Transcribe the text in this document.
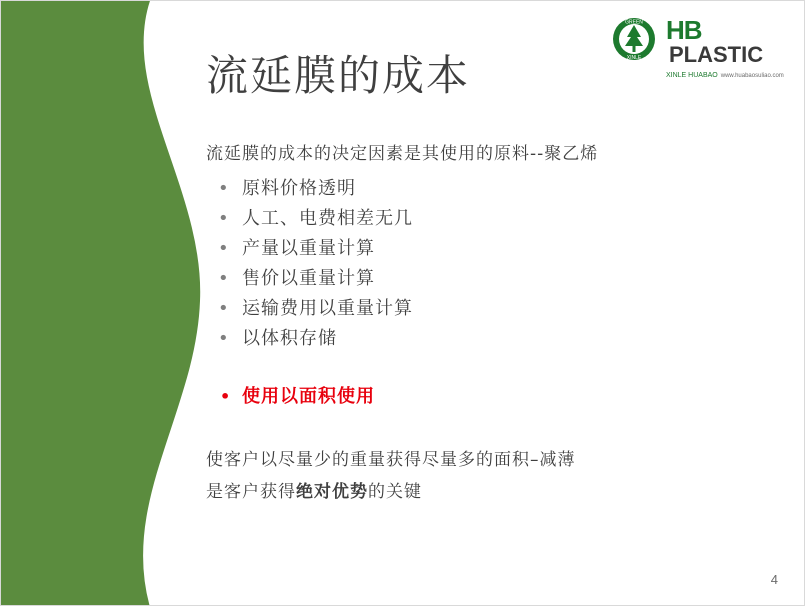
GREEN
XINLE
HBPLASTIC
XINLE HUABAO www.huabaosuliao.com
流延膜的成本

流延膜的成本的决定因素是其使用的原料--聚乙烯

• 原料价格透明
• 人工、电费相差无几
• 产量以重量计算
• 售价以重量计算
• 运输费用以重量计算
• 以体积存储
• 使用以面积使用

使客户以尽量少的重量获得尽量多的面积–减薄

是客户获得绝对优势的关键

4
